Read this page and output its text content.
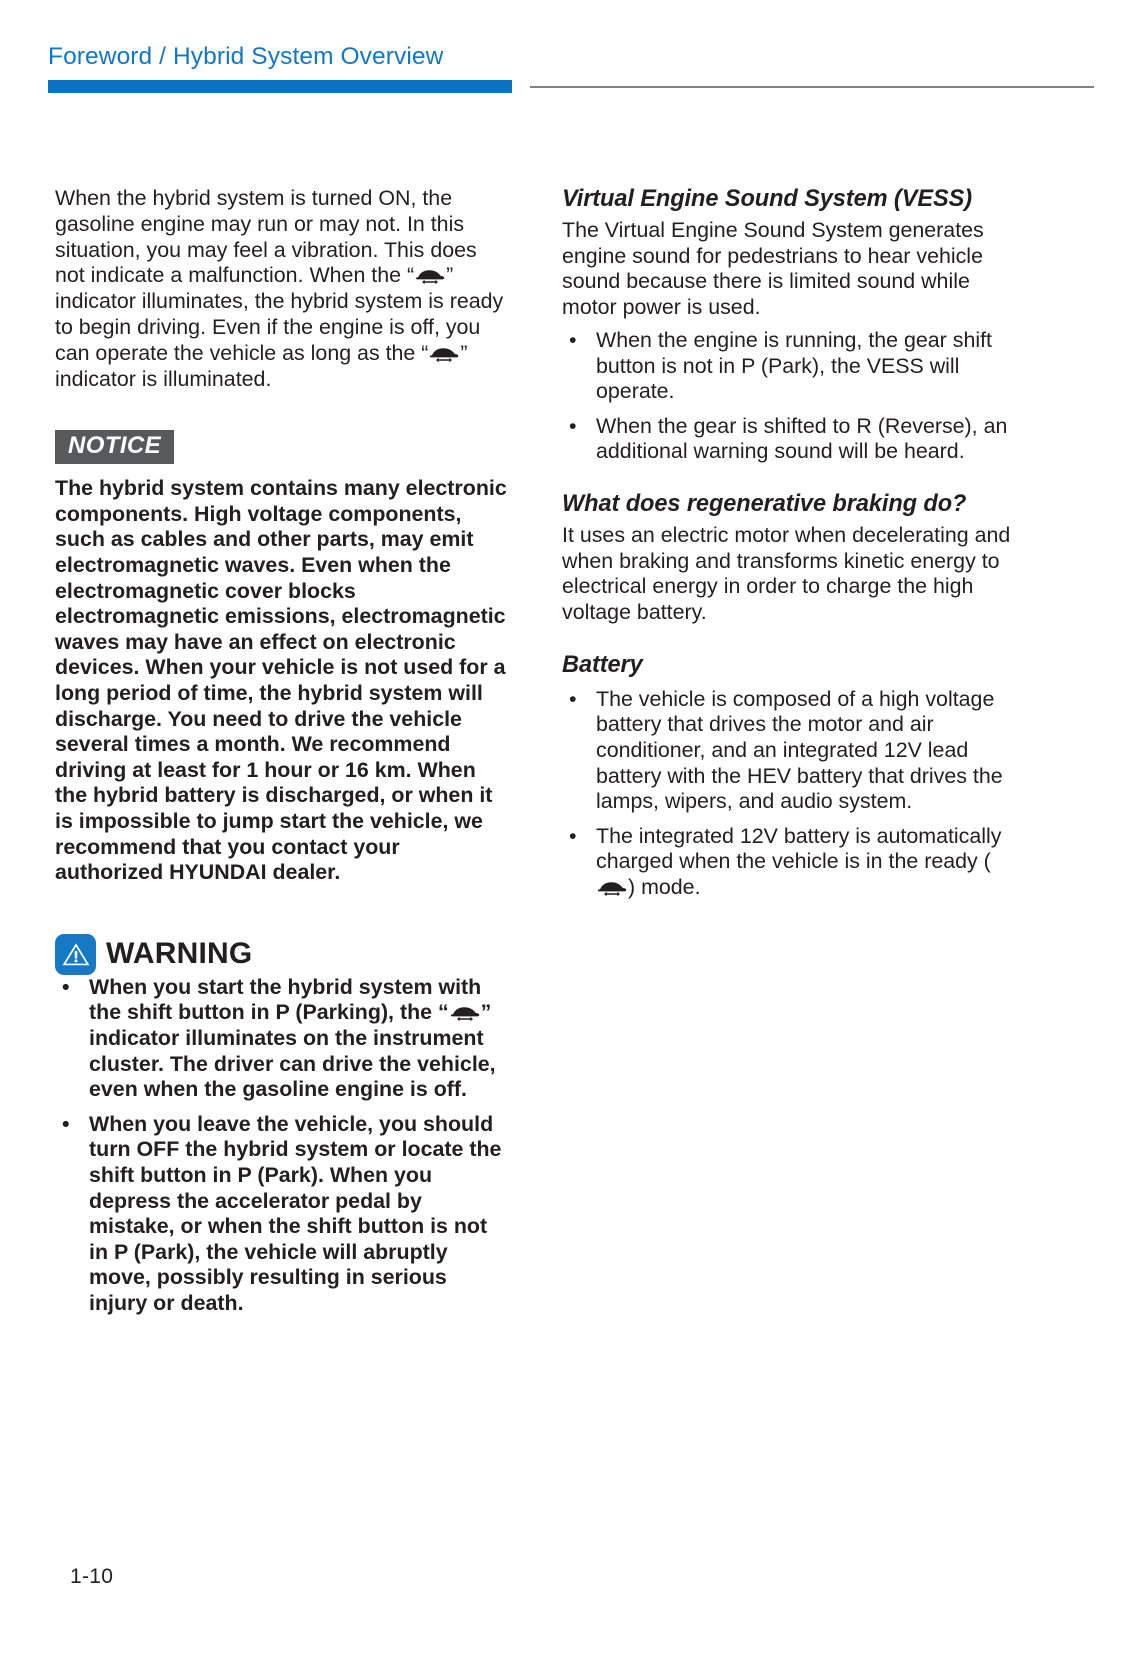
Foreword / Hybrid System Overview

When the hybrid system is turned ON, the gasoline engine may run or may not. In this situation, you may feel a vibration. This does not indicate a malfunction. When the “ ” indicator illuminates, the hybrid system is ready to begin driving. Even if the engine is off, you can operate the vehicle as long as the “ ” indicator is illuminated.

NOTICE
The hybrid system contains many electronic components. High voltage components, such as cables and other parts, may emit electromagnetic waves. Even when the electromagnetic cover blocks electromagnetic emissions, electromagnetic waves may have an effect on electronic devices. When your vehicle is not used for a long period of time, the hybrid system will discharge. You need to drive the vehicle several times a month. We recommend driving at least for 1 hour or 16 km. When the hybrid battery is discharged, or when it is impossible to jump start the vehicle, we recommend that you contact your authorized HYUNDAI dealer.
WARNING
• When you start the hybrid system with the shift button in P (Parking), the “ ” indicator illuminates on the instrument cluster. The driver can drive the vehicle, even when the gasoline engine is off.
• When you leave the vehicle, you should turn OFF the hybrid system or locate the shift button in P (Park). When you depress the accelerator pedal by mistake, or when the shift button is not in P (Park), the vehicle will abruptly move, possibly resulting in serious injury or death.
Virtual Engine Sound System (VESS)

The Virtual Engine Sound System generates engine sound for pedestrians to hear vehicle sound because there is limited sound while motor power is used.

• When the engine is running, the gear shift button is not in P (Park), the VESS will operate.
• When the gear is shifted to R (Reverse), an additional warning sound will be heard.
What does regenerative braking do?

It uses an electric motor when decelerating and when braking and transforms kinetic energy to electrical energy in order to charge the high voltage battery.

Battery
• The vehicle is composed of a high voltage battery that drives the motor and air conditioner, and an integrated 12V lead battery with the HEV battery that drives the lamps, wipers, and audio system.
• The integrated 12V battery is automatically charged when the vehicle is in the ready (
) mode.
1-10
